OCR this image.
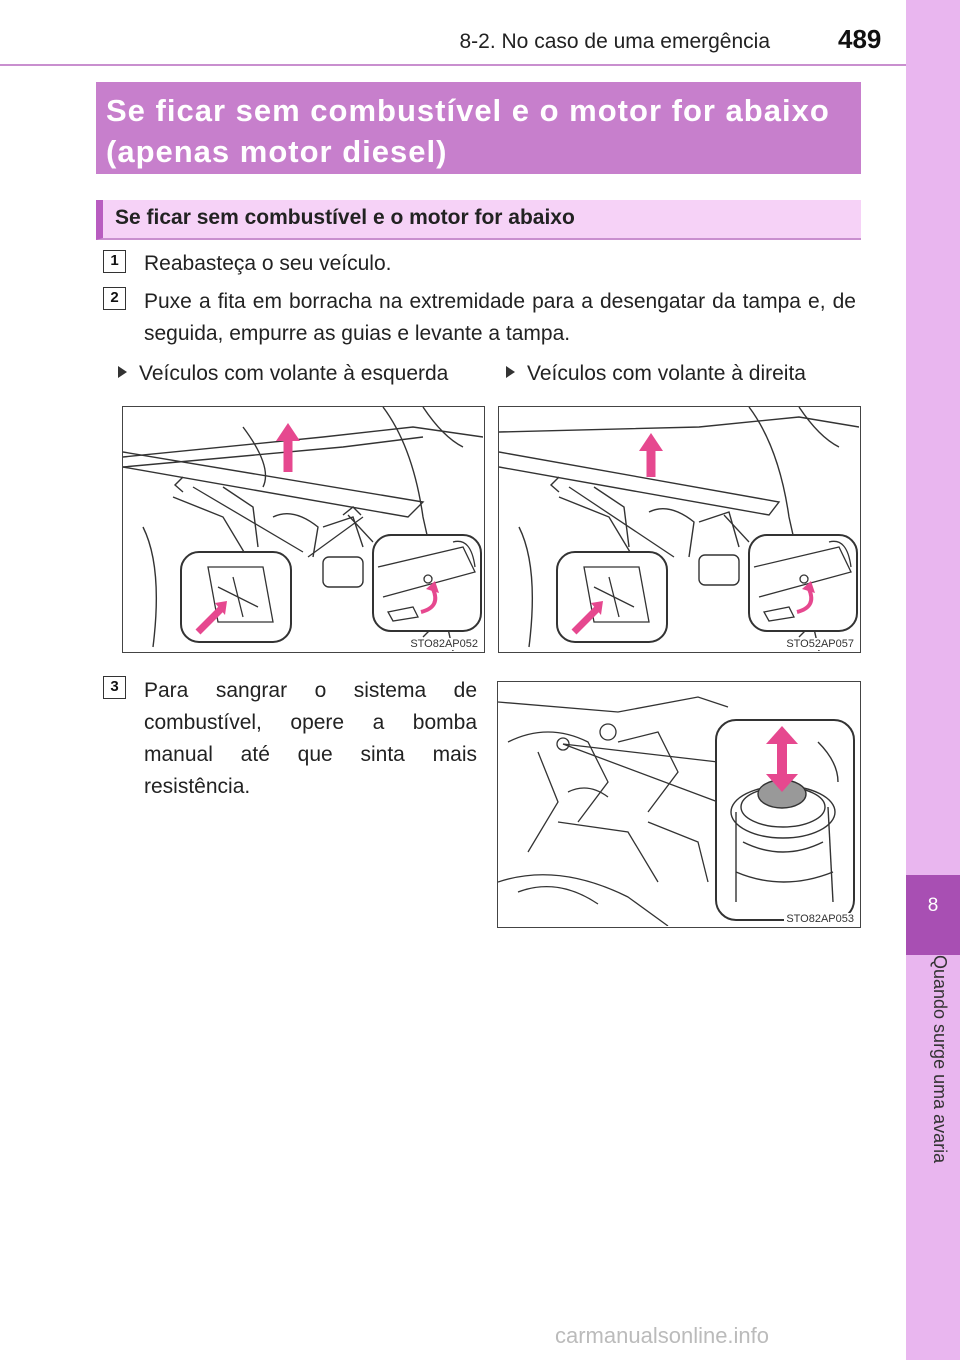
8-2. No caso de uma emergência	489
8
Quando surge uma avaria
Se ficar sem combustível e o motor for abaixo
(apenas motor diesel)
Se ficar sem combustível e o motor for abaixo
1	Reabasteça o seu veículo.
2	Puxe a fita em borracha na extremidade para a desengatar da tampa e, de seguida, empurre as guias e levante a tampa.
Veículos com volante à esquerda	Veículos com volante à direita
STO82AP052	STO52AP057
3	Para sangrar o sistema de combustível, opere a bomba manual até que sinta mais resistência.
STO82AP053
carmanualsonline.info
